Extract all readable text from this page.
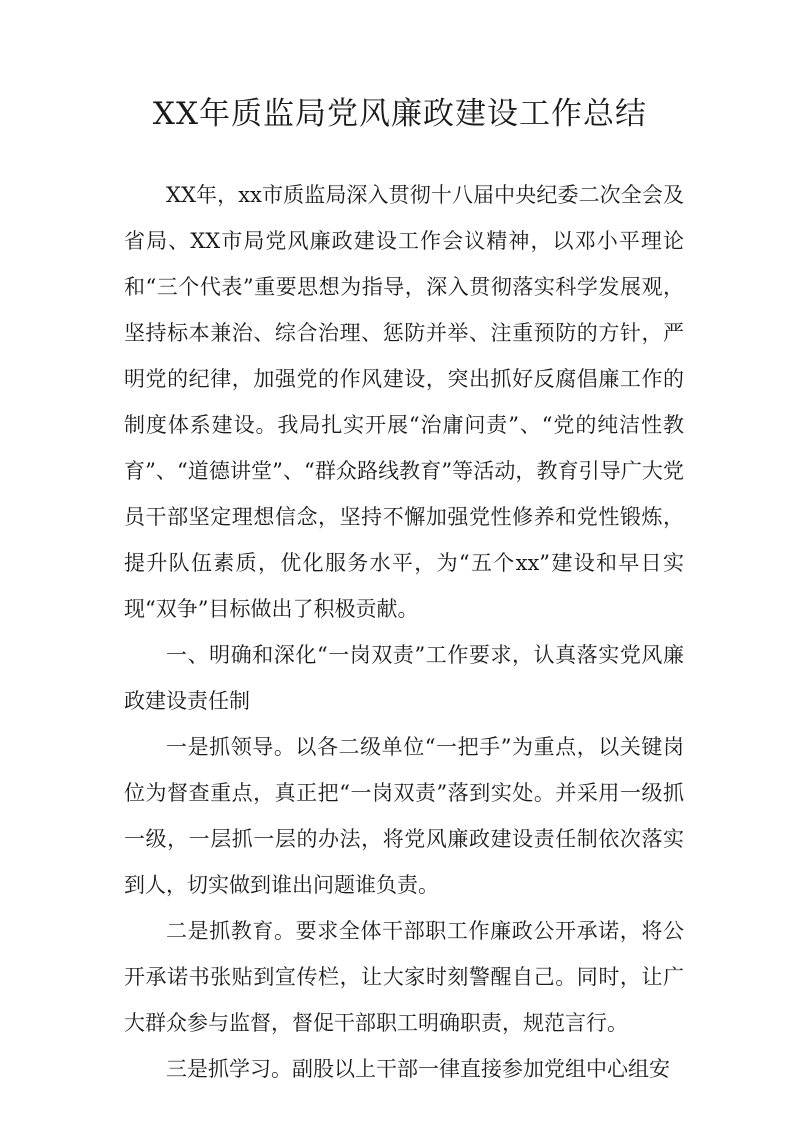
XX年质监局党风廉政建设工作总结

XX年，xx市质监局深入贯彻十八届中央纪委二次全会及省局、XX市局党风廉政建设工作会议精神，以邓小平理论和“三个代表”重要思想为指导，深入贯彻落实科学发展观，坚持标本兼治、综合治理、惩防并举、注重预防的方针，严明党的纪律，加强党的作风建设，突出抓好反腐倡廉工作的制度体系建设。我局扎实开展“治庸问责”、“党的纯洁性教育”、“道德讲堂”、“群众路线教育”等活动，教育引导广大党员干部坚定理想信念，坚持不懈加强党性修养和党性锻炼，提升队伍素质，优化服务水平，为“五个xx”建设和早日实现“双争”目标做出了积极贡献。

一、明确和深化“一岗双责”工作要求，认真落实党风廉政建设责任制

一是抓领导。以各二级单位“一把手”为重点，以关键岗位为督查重点，真正把“一岗双责”落到实处。并采用一级抓一级，一层抓一层的办法，将党风廉政建设责任制依次落实到人，切实做到谁出问题谁负责。

二是抓教育。要求全体干部职工作廉政公开承诺，将公开承诺书张贴到宣传栏，让大家时刻警醒自己。同时，让广大群众参与监督，督促干部职工明确职责，规范言行。

三是抓学习。副股以上干部一律直接参加党组中心组安
